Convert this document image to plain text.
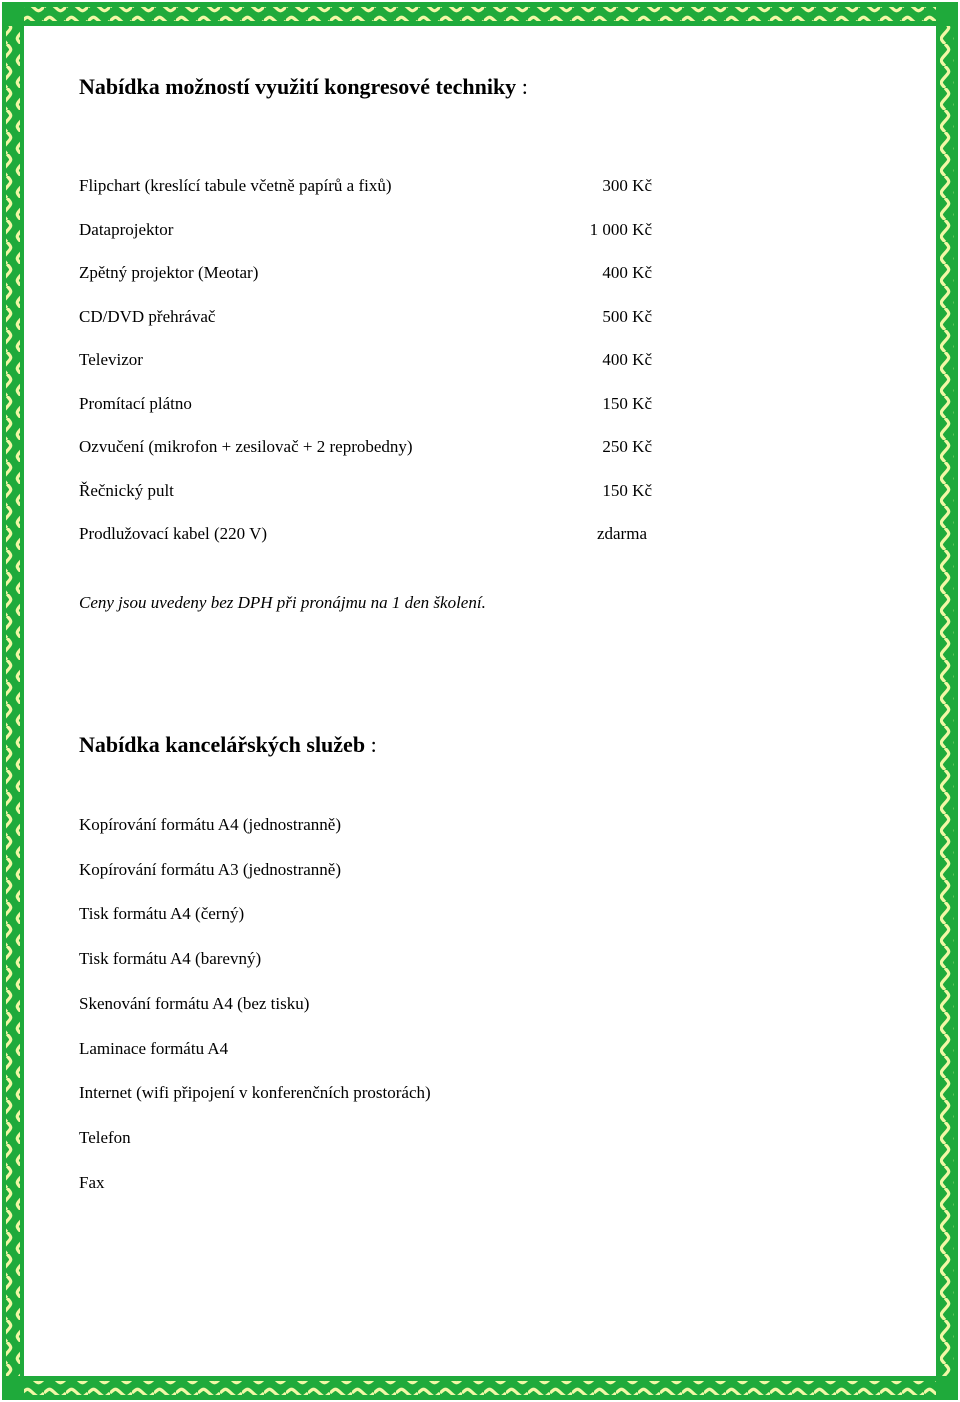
Nabídka možností využití kongresové techniky :
Flipchart (kreslící tabule včetně papírů a fixů)	300 Kč
Dataprojektor	1 000 Kč
Zpětný projektor (Meotar)	400 Kč
CD/DVD přehrávač	500 Kč
Televizor	400 Kč
Promítací plátno	150 Kč
Ozvučení (mikrofon + zesilovač + 2 reprobedny)	250 Kč
Řečnický pult	150 Kč
Prodlužovací kabel (220 V)	zdarma
Ceny jsou uvedeny bez DPH při pronájmu na 1 den školení.
Nabídka kancelářských služeb :
Kopírování formátu A4 (jednostranně)
Kopírování formátu A3 (jednostranně)
Tisk formátu A4 (černý)
Tisk formátu A4 (barevný)
Skenování formátu A4 (bez tisku)
Laminace formátu A4
Internet (wifi připojení v konferenčních prostorách)
Telefon
Fax
